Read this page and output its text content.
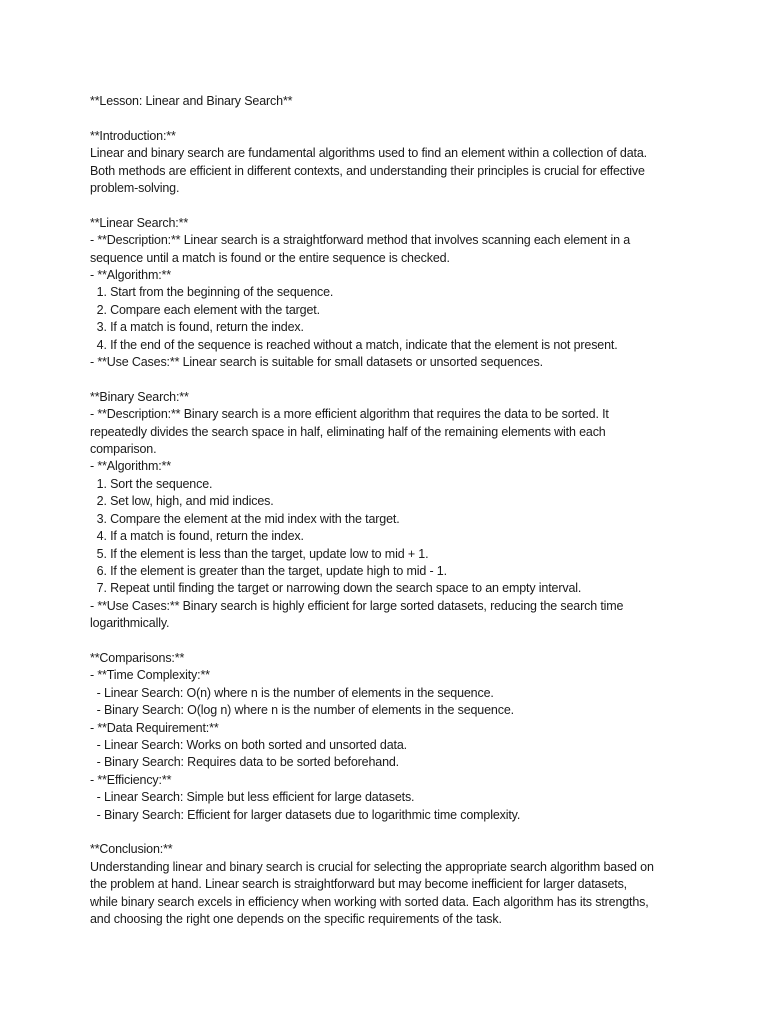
**Lesson: Linear and Binary Search**
**Introduction:**
Linear and binary search are fundamental algorithms used to find an element within a collection of data.
Both methods are efficient in different contexts, and understanding their principles is crucial for effective
problem-solving.
**Linear Search:**
- **Description:** Linear search is a straightforward method that involves scanning each element in a
sequence until a match is found or the entire sequence is checked.
- **Algorithm:**
1. Start from the beginning of the sequence.
2. Compare each element with the target.
3. If a match is found, return the index.
4. If the end of the sequence is reached without a match, indicate that the element is not present.
- **Use Cases:** Linear search is suitable for small datasets or unsorted sequences.
**Binary Search:**
- **Description:** Binary search is a more efficient algorithm that requires the data to be sorted. It
repeatedly divides the search space in half, eliminating half of the remaining elements with each
comparison.
- **Algorithm:**
1. Sort the sequence.
2. Set low, high, and mid indices.
3. Compare the element at the mid index with the target.
4. If a match is found, return the index.
5. If the element is less than the target, update low to mid + 1.
6. If the element is greater than the target, update high to mid - 1.
7. Repeat until finding the target or narrowing down the search space to an empty interval.
- **Use Cases:** Binary search is highly efficient for large sorted datasets, reducing the search time
logarithmically.
**Comparisons:**
- **Time Complexity:**
- Linear Search: O(n) where n is the number of elements in the sequence.
- Binary Search: O(log n) where n is the number of elements in the sequence.
- **Data Requirement:**
- Linear Search: Works on both sorted and unsorted data.
- Binary Search: Requires data to be sorted beforehand.
- **Efficiency:**
- Linear Search: Simple but less efficient for large datasets.
- Binary Search: Efficient for larger datasets due to logarithmic time complexity.
**Conclusion:**
Understanding linear and binary search is crucial for selecting the appropriate search algorithm based on
the problem at hand. Linear search is straightforward but may become inefficient for larger datasets,
while binary search excels in efficiency when working with sorted data. Each algorithm has its strengths,
and choosing the right one depends on the specific requirements of the task.
